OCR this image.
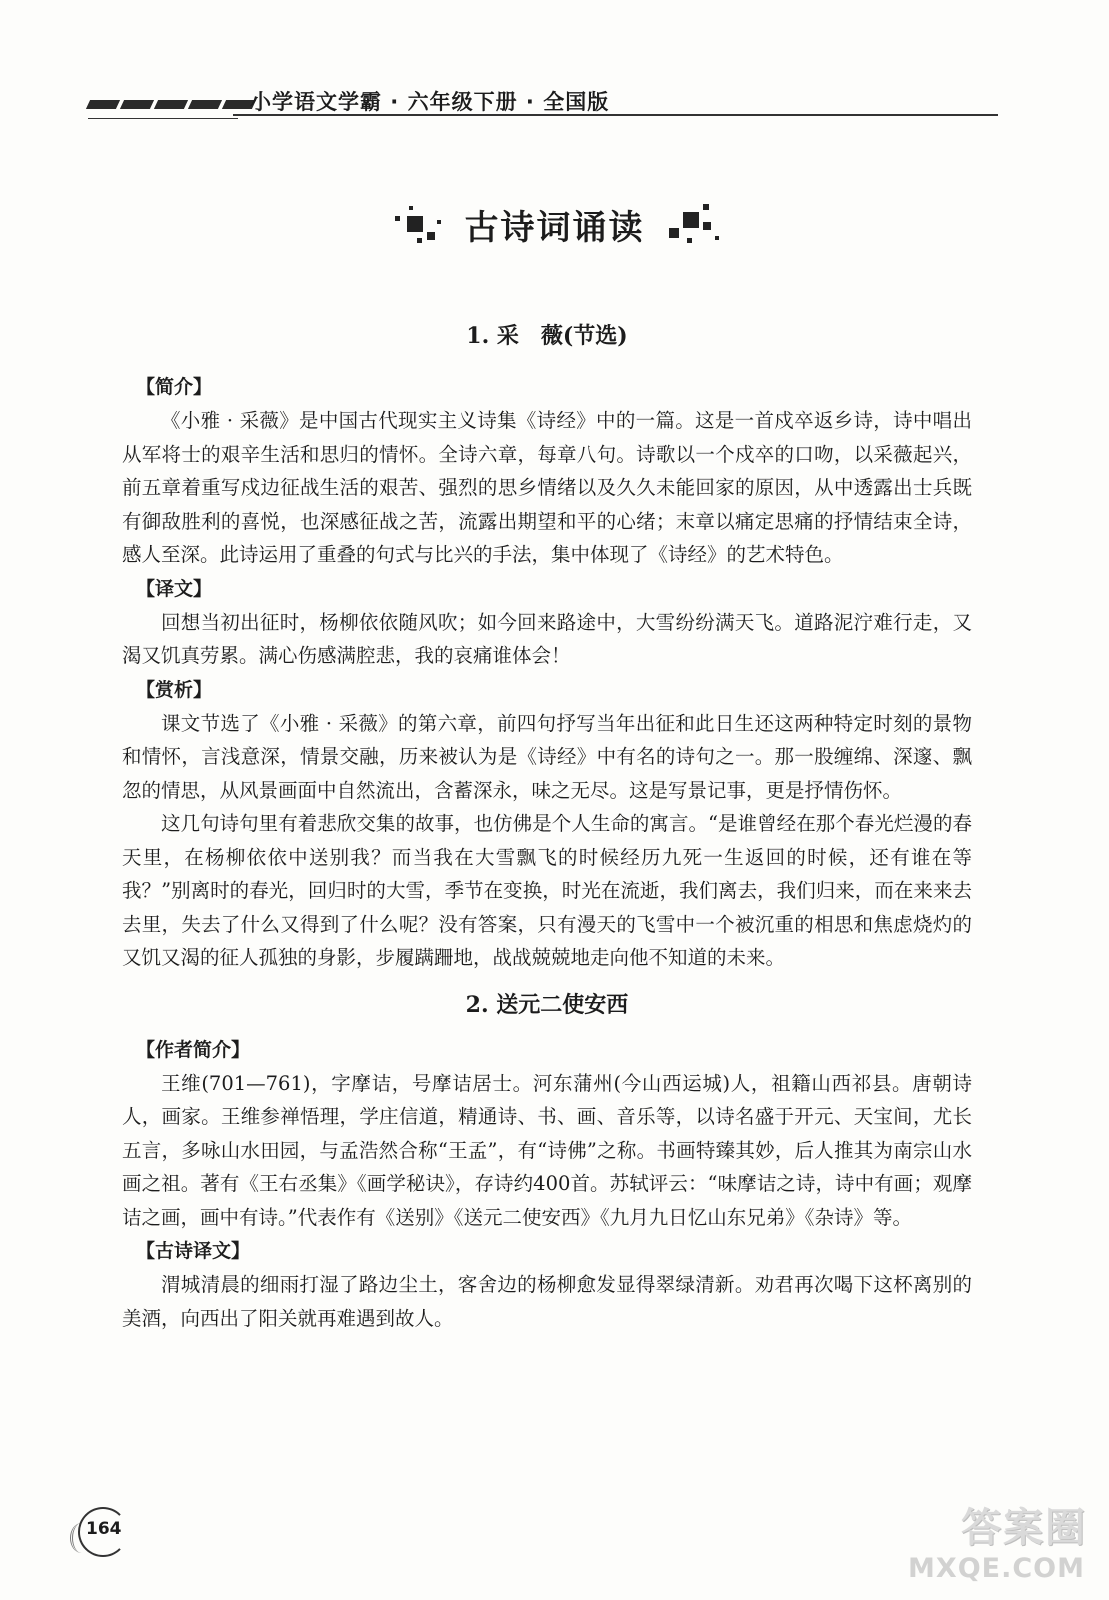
小学语文学霸 · 六年级下册 · 全国版
古诗词诵读
1. 采　薇(节选)
【简介】

《小雅 · 采薇》是中国古代现实主义诗集《诗经》中的一篇。这是一首戍卒返乡诗，诗中唱出从军将士的艰辛生活和思归的情怀。全诗六章，每章八句。诗歌以一个戍卒的口吻，以采薇起兴，前五章着重写戍边征战生活的艰苦、强烈的思乡情绪以及久久未能回家的原因，从中透露出士兵既有御敌胜利的喜悦，也深感征战之苦，流露出期望和平的心绪；末章以痛定思痛的抒情结束全诗，感人至深。此诗运用了重叠的句式与比兴的手法，集中体现了《诗经》的艺术特色。

【译文】

回想当初出征时，杨柳依依随风吹；如今回来路途中，大雪纷纷满天飞。道路泥泞难行走，又渴又饥真劳累。满心伤感满腔悲，我的哀痛谁体会！

【赏析】

课文节选了《小雅 · 采薇》的第六章，前四句抒写当年出征和此日生还这两种特定时刻的景物和情怀，言浅意深，情景交融，历来被认为是《诗经》中有名的诗句之一。那一股缠绵、深邃、飘忽的情思，从风景画面中自然流出，含蓄深永，味之无尽。这是写景记事，更是抒情伤怀。

这几句诗句里有着悲欣交集的故事，也仿佛是个人生命的寓言。“是谁曾经在那个春光烂漫的春天里，在杨柳依依中送别我？而当我在大雪飘飞的时候经历九死一生返回的时候，还有谁在等我？”别离时的春光，回归时的大雪，季节在变换，时光在流逝，我们离去，我们归来，而在来来去去里，失去了什么又得到了什么呢？没有答案，只有漫天的飞雪中一个被沉重的相思和焦虑烧灼的又饥又渴的征人孤独的身影，步履蹒跚地，战战兢兢地走向他不知道的未来。

2. 送元二使安西
【作者简介】

王维(701—761)，字摩诘，号摩诘居士。河东蒲州(今山西运城)人，祖籍山西祁县。唐朝诗人，画家。王维参禅悟理，学庄信道，精通诗、书、画、音乐等，以诗名盛于开元、天宝间，尤长五言，多咏山水田园，与孟浩然合称“王孟”，有“诗佛”之称。书画特臻其妙，后人推其为南宗山水画之祖。著有《王右丞集》《画学秘诀》，存诗约400首。苏轼评云：“味摩诘之诗，诗中有画；观摩诘之画，画中有诗。”代表作有《送别》《送元二使安西》《九月九日忆山东兄弟》《杂诗》等。

【古诗译文】

渭城清晨的细雨打湿了路边尘土，客舍边的杨柳愈发显得翠绿清新。劝君再次喝下这杯离别的美酒，向西出了阳关就再难遇到故人。

164	答案圈
MXQE.COM
